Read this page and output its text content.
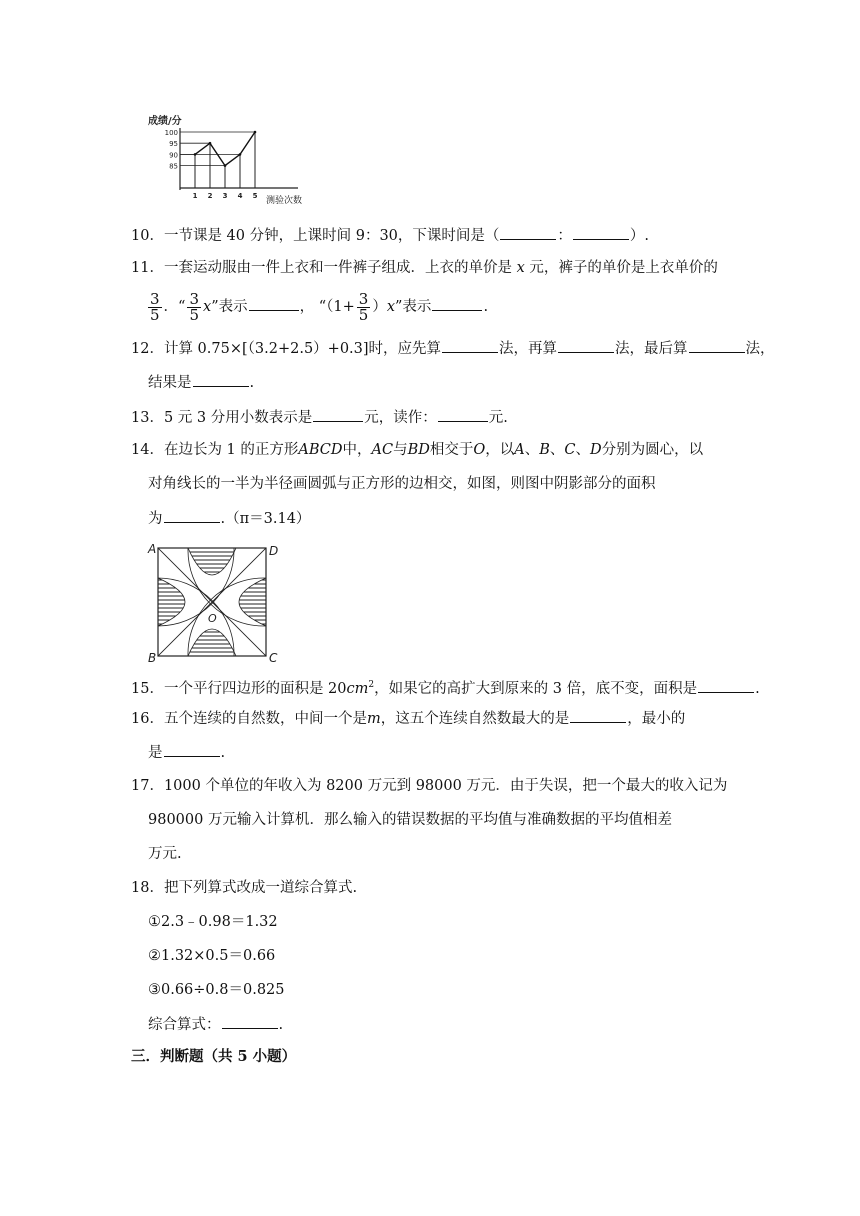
100
95
90
85
1 2 3 4 5
成绩/分
测验次数
10．一节课是 40 分钟，上课时间 9：30，下课时间是（	：	）.
11．一套运动服由一件上衣和一件裤子组成．上衣的单价是 x 元，裤子的单价是上衣单价的
$\frac{3}{5}$ ．“ $\frac{3}{5} x$”表示	， “$(1+ \frac{3}{5} )x$”表示	.
12．计算 0.75×[（3.2+2.5）+0.3]时，应先算	法，再算	法，最后算	法，
结果是	.
13．5 元 3 分用小数表示是	元，读作：	元.
14．在边长为 1 的正方形ABCD中，AC与BD相交于O，以A、B、C、D分别为圆心，以
对角线长的一半为半径画圆弧与正方形的边相交，如图，则图中阴影部分的面积
为	.（π＝3.14）
A	D
B	C
O
15．一个平行四边形的面积是 $20cm^2$，如果它的高扩大到原来的 3 倍，底不变，面积是	.
16．五个连续的自然数，中间一个是m，这五个连续自然数最大的是	，最小的
是	.
17．1000 个单位的年收入为 8200 万元到 98000 万元．由于失误，把一个最大的收入记为
980000 万元输入计算机．那么输入的错误数据的平均值与准确数据的平均值相差
万元.
18．把下列算式改成一道综合算式.
①2.3﹣0.98＝1.32
②1.32×0.5＝0.66
③0.66÷0.8＝0.825
综合算式：	.
三．判断题（共 5 小题）
